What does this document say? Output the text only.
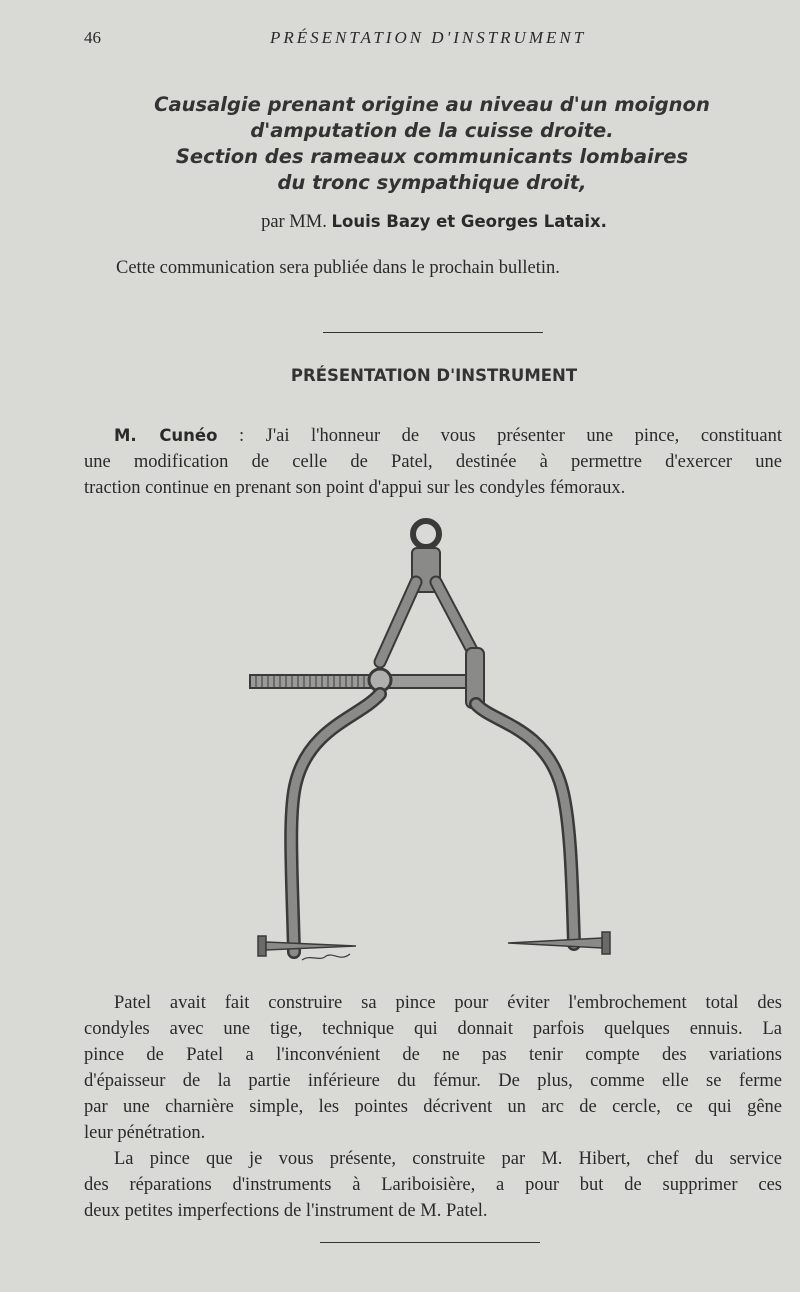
46	PRÉSENTATION D'INSTRUMENT
Causalgie prenant origine au niveau d'un moignon
d'amputation de la cuisse droite.
Section des rameaux communicants lombaires
du tronc sympathique droit,
par MM. Louis Bazy et Georges Lataix.
Cette communication sera publiée dans le prochain bulletin.
PRÉSENTATION D'INSTRUMENT
M. Cunéo : J'ai l'honneur de vous présenter une pince, constituant
une modification de celle de Patel, destinée à permettre d'exercer une
traction continue en prenant son point d'appui sur les condyles fémoraux.
Patel avait fait construire sa pince pour éviter l'embrochement total des
condyles avec une tige, technique qui donnait parfois quelques ennuis. La
pince de Patel a l'inconvénient de ne pas tenir compte des variations
d'épaisseur de la partie inférieure du fémur. De plus, comme elle se ferme
par une charnière simple, les pointes décrivent un arc de cercle, ce qui gêne
leur pénétration.
La pince que je vous présente, construite par M. Hibert, chef du service
des réparations d'instruments à Lariboisière, a pour but de supprimer ces
deux petites imperfections de l'instrument de M. Patel.
